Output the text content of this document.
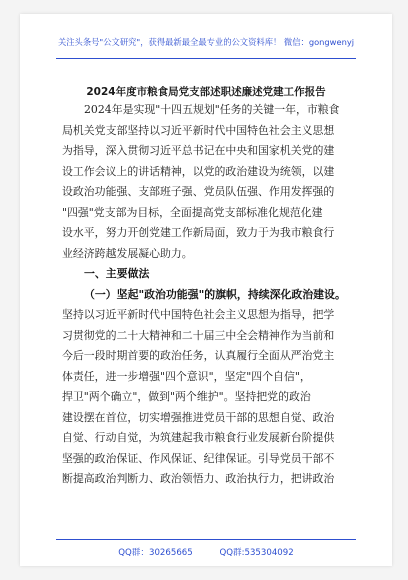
关注头条号"公文研究"，获得最新最全最专业的公文资料库！ 微信：gongwenyj
2024年度市粮食局党支部述职述廉述党建工作报告
2024年是实现"十四五规划"任务的关键一年，市粮食
局机关党支部坚持以习近平新时代中国特色社会主义思想
为指导，深入贯彻习近平总书记在中央和国家机关党的建
设工作会议上的讲话精神，以党的政治建设为统领，以建
设政治功能强、支部班子强、党员队伍强、作用发挥强的
"四强"党支部为目标，全面提高党支部标准化规范化建
设水平，努力开创党建工作新局面，致力于为我市粮食行
业经济跨越发展凝心助力。
一、主要做法
（一）坚起"政治功能强"的旗帜，持续深化政治建设。
坚持以习近平新时代中国特色社会主义思想为指导，把学
习贯彻党的二十大精神和二十届三中全会精神作为当前和
今后一段时期首要的政治任务，认真履行全面从严治党主
体责任，进一步增强"四个意识"，坚定"四个自信"，
捍卫"两个确立"，做到"两个维护"。坚持把党的政治
建设摆在首位，切实增强推进党员干部的思想自觉、政治
自觉、行动自觉，为筑建起我市粮食行业发展新台阶提供
坚强的政治保证、作风保证、纪律保证。引导党员干部不
断提高政治判断力、政治领悟力、政治执行力，把讲政治
QQ群：30265665	QQ群:535304092
